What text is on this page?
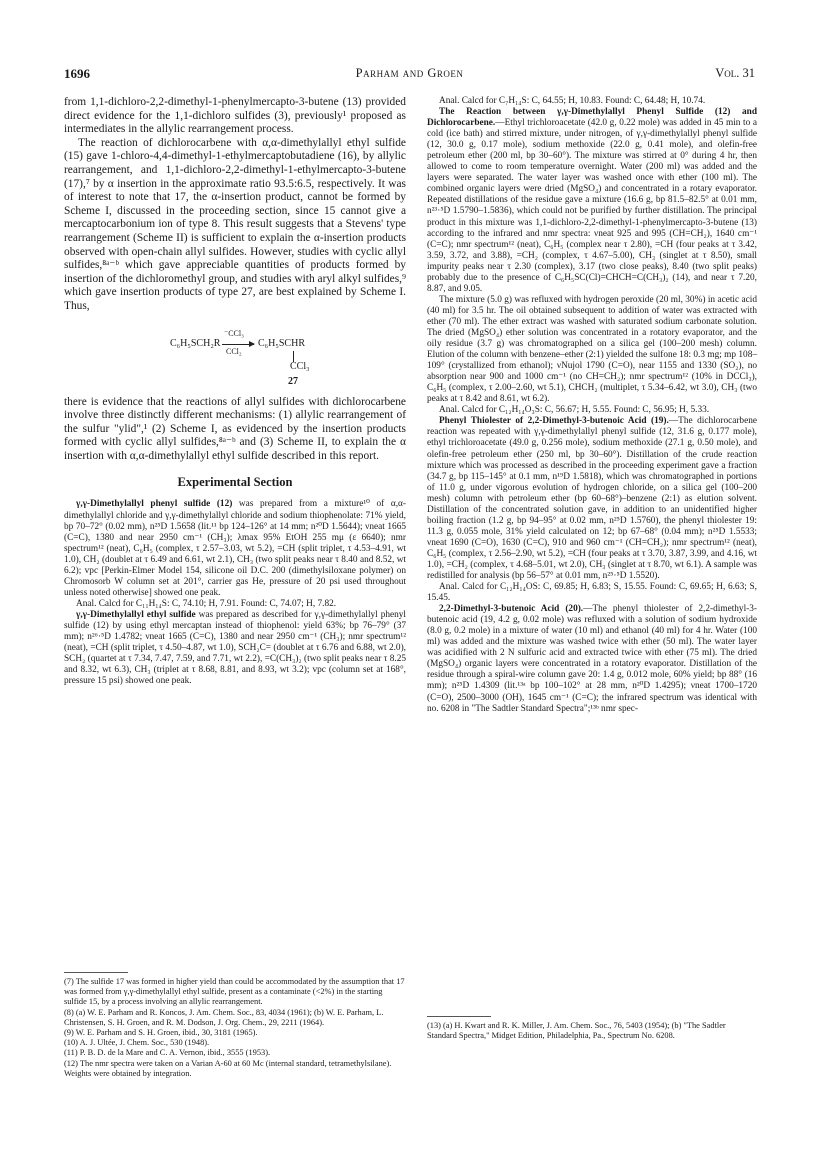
1696	Parham and Groen	Vol. 31

from 1,1-dichloro-2,2-dimethyl-1-phenylmercapto-3-butene (13) provided direct evidence for the 1,1-dichloro sulfides (3), previously¹ proposed as intermediates in the allylic rearrangement process.

The reaction of dichlorocarbene with α,α-dimethylallyl ethyl sulfide (15) gave 1-chloro-4,4-dimethyl-1-ethylmercaptobutadiene (16), by allylic rearrangement, and 1,1-dichloro-2,2-dimethyl-1-ethylmercapto-3-butene (17),⁷ by α insertion in the approximate ratio 93.5:6.5, respectively. It was of interest to note that 17, the α-insertion product, cannot be formed by Scheme I, discussed in the proceeding section, since 15 cannot give a mercaptocarbonium ion of type 8. This result suggests that a Stevens' type rearrangement (Scheme II) is sufficient to explain the α-insertion products observed with open-chain allyl sulfides. However, studies with cyclic allyl sulfides,⁸ᵃ⁻ᵇ which gave appreciable quantities of products formed by insertion of the dichloromethyl group, and studies with aryl alkyl sulfides,⁹ which gave insertion products of type 27, are best explained by Scheme I. Thus,

C₆H₅SCH₂R
⁻CCl₃
CCl₂
C₆H₅SCHR
CCl₃
27

there is evidence that the reactions of allyl sulfides with dichlorocarbene involve three distinctly different mechanisms: (1) allylic rearrangement of the sulfur "ylid",¹ (2) Scheme I, as evidenced by the insertion products formed with cyclic allyl sulfides,⁸ᵃ⁻ᵇ and (3) Scheme II, to explain the α insertion with α,α-dimethylallyl ethyl sulfide described in this report.

Experimental Section

γ,γ-Dimethylallyl phenyl sulfide (12) was prepared from a mixture¹⁰ of α,α-dimethylallyl chloride and γ,γ-dimethylallyl chloride and sodium thiophenolate: 71% yield, bp 70–72° (0.02 mm), n²⁵D 1.5658 (lit.¹¹ bp 124–126° at 14 mm; n²⁰D 1.5644); νneat 1665 (C=C), 1380 and near 2950 cm⁻¹ (CH₃); λmax 95% EtOH 255 mμ (ε 6640); nmr spectrum¹² (neat), C₆H₅ (complex, τ 2.57–3.03, wt 5.2), =CH (split triplet, τ 4.53–4.91, wt 1.0), CH₂ (doublet at τ 6.49 and 6.61, wt 2.1), CH₃ (two split peaks near τ 8.40 and 8.52, wt 6.2); vpc [Perkin-Elmer Model 154, silicone oil D.C. 200 (dimethylsiloxane polymer) on Chromosorb W column set at 201°, carrier gas He, pressure of 20 psi used throughout unless noted otherwise] showed one peak.

Anal. Calcd for C₁₁H₁₄S: C, 74.10; H, 7.91. Found: C, 74.07; H, 7.82.

γ,γ-Dimethylallyl ethyl sulfide was prepared as described for γ,γ-dimethylallyl phenyl sulfide (12) by using ethyl mercaptan instead of thiophenol: yield 63%; bp 76–79° (37 mm); n²⁶·⁵D 1.4782; νneat 1665 (C=C), 1380 and near 2950 cm⁻¹ (CH₃); nmr spectrum¹² (neat), =CH (split triplet, τ 4.50–4.87, wt 1.0), SCH₂C= (doublet at τ 6.76 and 6.88, wt 2.0), SCH₂ (quartet at τ 7.34, 7.47, 7.59, and 7.71, wt 2.2), =C(CH₃)₂ (two split peaks near τ 8.25 and 8.32, wt 6.3), CH₃ (triplet at τ 8.68, 8.81, and 8.93, wt 3.2); vpc (column set at 168°, pressure 15 psi) showed one peak.

(7) The sulfide 17 was formed in higher yield than could be accommodated by the assumption that 17 was formed from γ,γ-dimethylallyl ethyl sulfide, present as a contaminate (<2%) in the starting sulfide 15, by a process involving an allylic rearrangement.

(8) (a) W. E. Parham and R. Koncos, J. Am. Chem. Soc., 83, 4034 (1961); (b) W. E. Parham, L. Christensen, S. H. Groen, and R. M. Dodson, J. Org. Chem., 29, 2211 (1964).

(9) W. E. Parham and S. H. Groen, ibid., 30, 3181 (1965).

(10) A. J. Ultée, J. Chem. Soc., 530 (1948).

(11) P. B. D. de la Mare and C. A. Vernon, ibid., 3555 (1953).

(12) The nmr spectra were taken on a Varian A-60 at 60 Mc (internal standard, tetramethylsilane). Weights were obtained by integration.

Anal. Calcd for C₇H₁₄S: C, 64.55; H, 10.83. Found: C, 64.48; H, 10.74.

The Reaction between γ,γ-Dimethylallyl Phenyl Sulfide (12) and Dichlorocarbene.—Ethyl trichloroacetate (42.0 g, 0.22 mole) was added in 45 min to a cold (ice bath) and stirred mixture, under nitrogen, of γ,γ-dimethylallyl phenyl sulfide (12, 30.0 g, 0.17 mole), sodium methoxide (22.0 g, 0.41 mole), and olefin-free petroleum ether (200 ml, bp 30–60°). The mixture was stirred at 0° during 4 hr, then allowed to come to room temperature overnight. Water (200 ml) was added and the layers were separated. The water layer was washed once with ether (100 ml). The combined organic layers were dried (MgSO₄) and concentrated in a rotary evaporator. Repeated distillations of the residue gave a mixture (16.6 g, bp 81.5–82.5° at 0.01 mm, n²³·⁵D 1.5790–1.5836), which could not be purified by further distillation. The principal product in this mixture was 1,1-dichloro-2,2-dimethyl-1-phenylmercapto-3-butene (13) according to the infrared and nmr spectra: νneat 925 and 995 (CH=CH₂), 1640 cm⁻¹ (C=C); nmr spectrum¹² (neat), C₆H₅ (complex near τ 2.80), =CH (four peaks at τ 3.42, 3.59, 3.72, and 3.88), =CH₂ (complex, τ 4.67–5.00), CH₃ (singlet at τ 8.50), small impurity peaks near τ 2.30 (complex), 3.17 (two close peaks), 8.40 (two split peaks) probably due to the presence of C₆H₅SC(Cl)=CHCH=C(CH₃)₂ (14), and near τ 7.20, 8.87, and 9.05.

The mixture (5.0 g) was refluxed with hydrogen peroxide (20 ml, 30%) in acetic acid (40 ml) for 3.5 hr. The oil obtained subsequent to addition of water was extracted with ether (70 ml). The ether extract was washed with saturated sodium carbonate solution. The dried (MgSO₄) ether solution was concentrated in a rotatory evaporator, and the oily residue (3.7 g) was chromatographed on a silica gel (100–200 mesh) column. Elution of the column with benzene–ether (2:1) yielded the sulfone 18: 0.3 mg; mp 108–109° (crystallized from ethanol); νNujol 1790 (C=O), near 1155 and 1330 (SO₂), no absorption near 900 and 1000 cm⁻¹ (no CH=CH₂); nmr spectrum¹² (10% in DCCl₃), C₆H₅ (complex, τ 2.00–2.60, wt 5.1), CHCH₂ (multiplet, τ 5.34–6.42, wt 3.0), CH₃ (two peaks at τ 8.42 and 8.61, wt 6.2).

Anal. Calcd for C₁₂H₁₄O₃S: C, 56.67; H, 5.55. Found: C, 56.95; H, 5.33.

Phenyl Thiolester of 2,2-Dimethyl-3-butenoic Acid (19).—The dichlorocarbene reaction was repeated with γ,γ-dimethylallyl phenyl sulfide (12, 31.6 g, 0.177 mole), ethyl trichloroacetate (49.0 g, 0.256 mole), sodium methoxide (27.1 g, 0.50 mole), and olefin-free petroleum ether (250 ml, bp 30–60°). Distillation of the crude reaction mixture which was processed as described in the proceeding experiment gave a fraction (34.7 g, bp 115–145° at 0.1 mm, n¹⁹D 1.5818), which was chromatographed in portions of 11.0 g, under vigorous evolution of hydrogen chloride, on a silica gel (100–200 mesh) column with petroleum ether (bp 60–68°)–benzene (2:1) as elution solvent. Distillation of the concentrated solution gave, in addition to an unidentified higher boiling fraction (1.2 g, bp 94–95° at 0.02 mm, n²⁵D 1.5760), the phenyl thiolester 19: 11.3 g, 0.055 mole, 31% yield calculated on 12; bp 67–68° (0.04 mm); n²⁵D 1.5533; νneat 1690 (C=O), 1630 (C=C), 910 and 960 cm⁻¹ (CH=CH₂); nmr spectrum¹² (neat), C₆H₅ (complex, τ 2.56–2.90, wt 5.2), =CH (four peaks at τ 3.70, 3.87, 3.99, and 4.16, wt 1.0), =CH₂ (complex, τ 4.68–5.01, wt 2.0), CH₃ (singlet at τ 8.70, wt 6.1). A sample was redistilled for analysis (bp 56–57° at 0.01 mm, n²⁵·⁵D 1.5520).

Anal. Calcd for C₁₂H₁₄OS: C, 69.85; H, 6.83; S, 15.55. Found: C, 69.65; H, 6.63; S, 15.45.

2,2-Dimethyl-3-butenoic Acid (20).—The phenyl thiolester of 2,2-dimethyl-3-butenoic acid (19, 4.2 g, 0.02 mole) was refluxed with a solution of sodium hydroxide (8.0 g, 0.2 mole) in a mixture of water (10 ml) and ethanol (40 ml) for 4 hr. Water (100 ml) was added and the mixture was washed twice with ether (50 ml). The water layer was acidified with 2 N sulfuric acid and extracted twice with ether (75 ml). The dried (MgSO₄) organic layers were concentrated in a rotatory evaporator. Distillation of the residue through a spiral-wire column gave 20: 1.4 g, 0.012 mole, 60% yield; bp 88° (16 mm); n²⁵D 1.4309 (lit.¹³ᵃ bp 100–102° at 28 mm, n²⁰D 1.4295); νneat 1700–1720 (C=O), 2500–3000 (OH), 1645 cm⁻¹ (C=C); the infrared spectrum was identical with no. 6208 in "The Sadtler Standard Spectra";¹³ᵇ nmr spec-

(13) (a) H. Kwart and R. K. Miller, J. Am. Chem. Soc., 76, 5403 (1954); (b) "The Sadtler Standard Spectra," Midget Edition, Philadelphia, Pa., Spectrum No. 6208.
